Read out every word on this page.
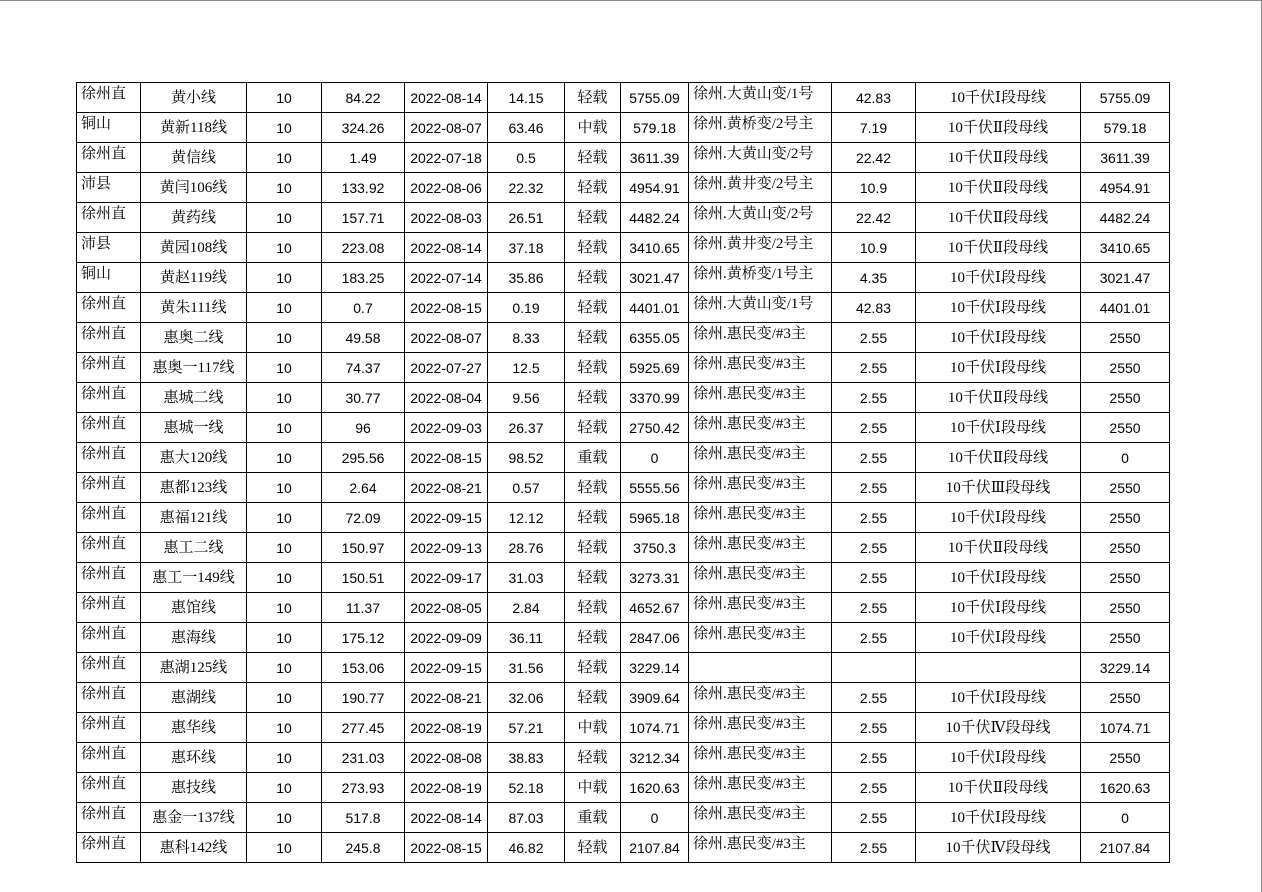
徐州直	黄小线	10	84.22	2022-08-14	14.15	轻载	5755.09	徐州.大黄山变/1号	42.83	10千伏Ⅰ段母线	5755.09
铜山	黄新118线	10	324.26	2022-08-07	63.46	中载	579.18	徐州.黄桥变/2号主	7.19	10千伏Ⅱ段母线	579.18
徐州直	黄信线	10	1.49	2022-07-18	0.5	轻载	3611.39	徐州.大黄山变/2号	22.42	10千伏Ⅱ段母线	3611.39
沛县	黄闫106线	10	133.92	2022-08-06	22.32	轻载	4954.91	徐州.黄井变/2号主	10.9	10千伏Ⅱ段母线	4954.91
徐州直	黄药线	10	157.71	2022-08-03	26.51	轻载	4482.24	徐州.大黄山变/2号	22.42	10千伏Ⅱ段母线	4482.24
沛县	黄园108线	10	223.08	2022-08-14	37.18	轻载	3410.65	徐州.黄井变/2号主	10.9	10千伏Ⅱ段母线	3410.65
铜山	黄赵119线	10	183.25	2022-07-14	35.86	轻载	3021.47	徐州.黄桥变/1号主	4.35	10千伏Ⅰ段母线	3021.47
徐州直	黄朱111线	10	0.7	2022-08-15	0.19	轻载	4401.01	徐州.大黄山变/1号	42.83	10千伏Ⅰ段母线	4401.01
徐州直	惠奥二线	10	49.58	2022-08-07	8.33	轻载	6355.05	徐州.惠民变/#3主	2.55	10千伏Ⅰ段母线	2550
徐州直	惠奥一117线	10	74.37	2022-07-27	12.5	轻载	5925.69	徐州.惠民变/#3主	2.55	10千伏Ⅰ段母线	2550
徐州直	惠城二线	10	30.77	2022-08-04	9.56	轻载	3370.99	徐州.惠民变/#3主	2.55	10千伏Ⅱ段母线	2550
徐州直	惠城一线	10	96	2022-09-03	26.37	轻载	2750.42	徐州.惠民变/#3主	2.55	10千伏Ⅰ段母线	2550
徐州直	惠大120线	10	295.56	2022-08-15	98.52	重载	0	徐州.惠民变/#3主	2.55	10千伏Ⅱ段母线	0
徐州直	惠都123线	10	2.64	2022-08-21	0.57	轻载	5555.56	徐州.惠民变/#3主	2.55	10千伏Ⅲ段母线	2550
徐州直	惠福121线	10	72.09	2022-09-15	12.12	轻载	5965.18	徐州.惠民变/#3主	2.55	10千伏Ⅰ段母线	2550
徐州直	惠工二线	10	150.97	2022-09-13	28.76	轻载	3750.3	徐州.惠民变/#3主	2.55	10千伏Ⅱ段母线	2550
徐州直	惠工一149线	10	150.51	2022-09-17	31.03	轻载	3273.31	徐州.惠民变/#3主	2.55	10千伏Ⅰ段母线	2550
徐州直	惠馆线	10	11.37	2022-08-05	2.84	轻载	4652.67	徐州.惠民变/#3主	2.55	10千伏Ⅰ段母线	2550
徐州直	惠海线	10	175.12	2022-09-09	36.11	轻载	2847.06	徐州.惠民变/#3主	2.55	10千伏Ⅰ段母线	2550
徐州直	惠湖125线	10	153.06	2022-09-15	31.56	轻载	3229.14				3229.14
徐州直	惠湖线	10	190.77	2022-08-21	32.06	轻载	3909.64	徐州.惠民变/#3主	2.55	10千伏Ⅰ段母线	2550
徐州直	惠华线	10	277.45	2022-08-19	57.21	中载	1074.71	徐州.惠民变/#3主	2.55	10千伏Ⅳ段母线	1074.71
徐州直	惠环线	10	231.03	2022-08-08	38.83	轻载	3212.34	徐州.惠民变/#3主	2.55	10千伏Ⅰ段母线	2550
徐州直	惠技线	10	273.93	2022-08-19	52.18	中载	1620.63	徐州.惠民变/#3主	2.55	10千伏Ⅱ段母线	1620.63
徐州直	惠金一137线	10	517.8	2022-08-14	87.03	重载	0	徐州.惠民变/#3主	2.55	10千伏Ⅰ段母线	0
徐州直	惠科142线	10	245.8	2022-08-15	46.82	轻载	2107.84	徐州.惠民变/#3主	2.55	10千伏Ⅳ段母线	2107.84
